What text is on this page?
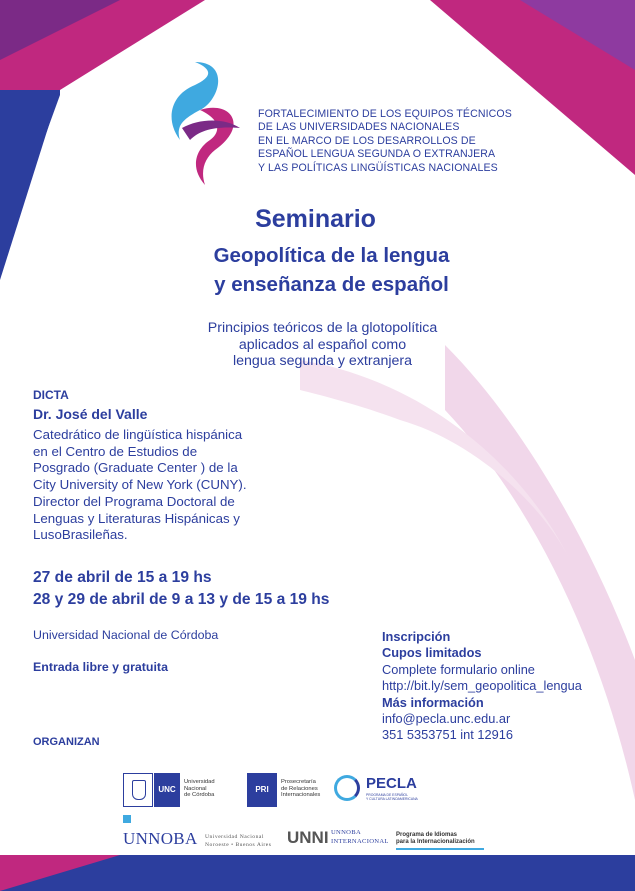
FORTALECIMIENTO DE LOS EQUIPOS TÉCNICOS
DE LAS UNIVERSIDADES NACIONALES
EN EL MARCO DE LOS DESARROLLOS DE
ESPAÑOL LENGUA SEGUNDA O EXTRANJERA
Y LAS POLÍTICAS LINGÜÍSTICAS NACIONALES
Seminario
Geopolítica de la lengua
y enseñanza de español
Principios teóricos de la glotopolítica
aplicados al español como
lengua segunda y extranjera
DICTA
Dr. José del Valle
Catedrático de lingüística hispánica
en el Centro de Estudios de
Posgrado (Graduate Center ) de la
City University of New York (CUNY).
Director del Programa Doctoral de
Lenguas y Literaturas Hispánicas y
LusoBrasileñas.
27 de abril de 15 a 19 hs
28 y 29 de abril de 9 a 13 y de 15 a 19 hs
Universidad Nacional de Córdoba
Entrada libre y gratuita
Inscripción
Cupos limitados
Complete formulario online
http://bit.ly/sem_geopolitica_lengua
Más información
info@pecla.unc.edu.ar
351 5353751 int 12916
ORGANIZAN
UNC
Universidad
Nacional
de Córdoba
PRI
Prosecretaría
de Relaciones
Internacionales
PECLA
PROGRAMA DE ESPAÑOL
Y CULTURA LATINOAMERICANA
UNNOBA Universidad Nacional
Noroeste • Buenos Aires UNNI UNNOBA
INTERNACIONAL
Programa de Idiomas
para la Internacionalización
